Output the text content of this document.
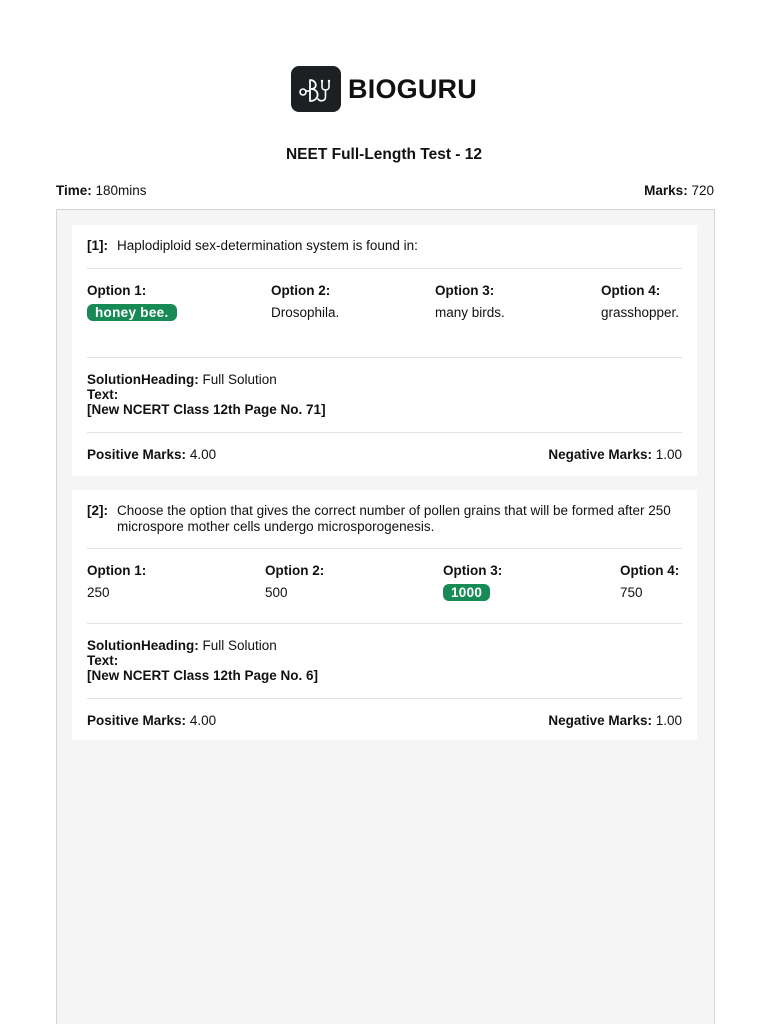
BIOGURU
NEET Full-Length Test - 12
Time: 180mins	Marks: 720
[1]: Haplodiploid sex-determination system is found in:
Option 1:
honey bee.
Option 2:
Drosophila.
Option 3:
many birds.
Option 4:
grasshopper.
SolutionHeading: Full Solution
Text:
[New NCERT Class 12th Page No. 71]
Positive Marks: 4.00	Negative Marks: 1.00
[2]: Choose the option that gives the correct number of pollen grains that will be formed after 250 microspore mother cells undergo microsporogenesis.
Option 1:
250
Option 2:
500
Option 3:
1000
Option 4:
750
SolutionHeading: Full Solution
Text:
[New NCERT Class 12th Page No. 6]
Positive Marks: 4.00	Negative Marks: 1.00
